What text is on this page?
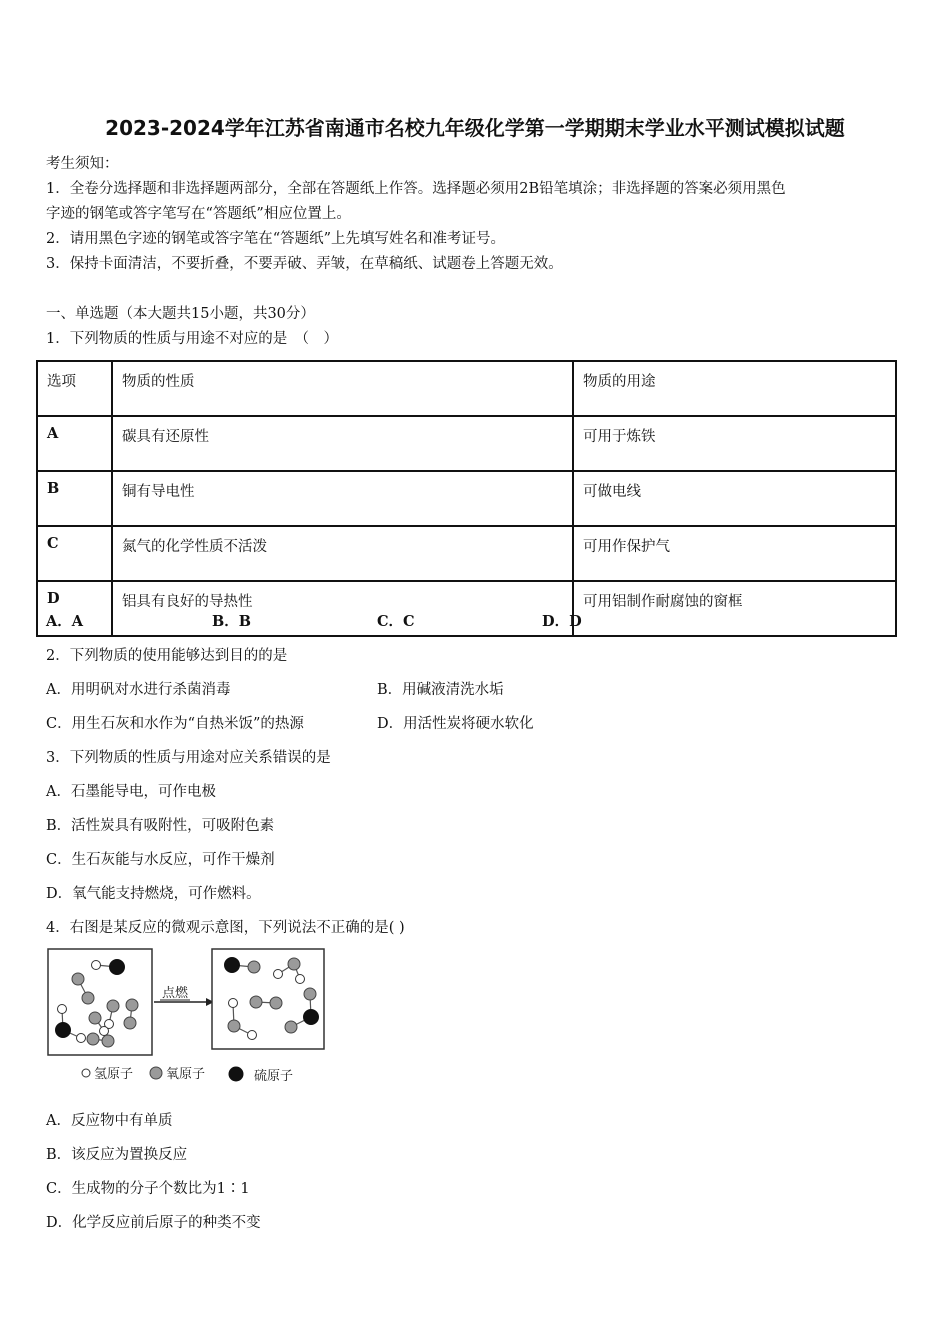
2023-2024学年江苏省南通市名校九年级化学第一学期期末学业水平测试模拟试题
考生须知：
1．全卷分选择题和非选择题两部分，全部在答题纸上作答。选择题必须用2B铅笔填涂；非选择题的答案必须用黑色
字迹的钢笔或答字笔写在“答题纸”相应位置上。
2．请用黑色字迹的钢笔或答字笔在“答题纸”上先填写姓名和准考证号。
3．保持卡面清洁，不要折叠，不要弄破、弄皱，在草稿纸、试题卷上答题无效。
一、单选题（本大题共15小题，共30分）
1．下列物质的性质与用途不对应的是　（　）
选项	物质的性质	物质的用途
A	碳具有还原性	可用于炼铁
B	铜有导电性	可做电线
C	氮气的化学性质不活泼	可用作保护气
D	铝具有良好的导热性	可用铝制作耐腐蚀的窗框
A．A	B．B	C．C	D．D
2．下列物质的使用能够达到目的的是
A．用明矾对水进行杀菌消毒	B．用碱液清洗水垢
C．用生石灰和水作为“自热米饭”的热源	D．用活性炭将硬水软化
3．下列物质的性质与用途对应关系错误的是
A．石墨能导电，可作电极
B．活性炭具有吸附性，可吸附色素
C．生石灰能与水反应，可作干燥剂
D．氧气能支持燃烧，可作燃料。
4．右图是某反应的微观示意图，下列说法不正确的是( )
点燃
氢原子	氧原子	硫原子
A．反应物中有单质
B．该反应为置换反应
C．生成物的分子个数比为1∶1
D．化学反应前后原子的种类不变
